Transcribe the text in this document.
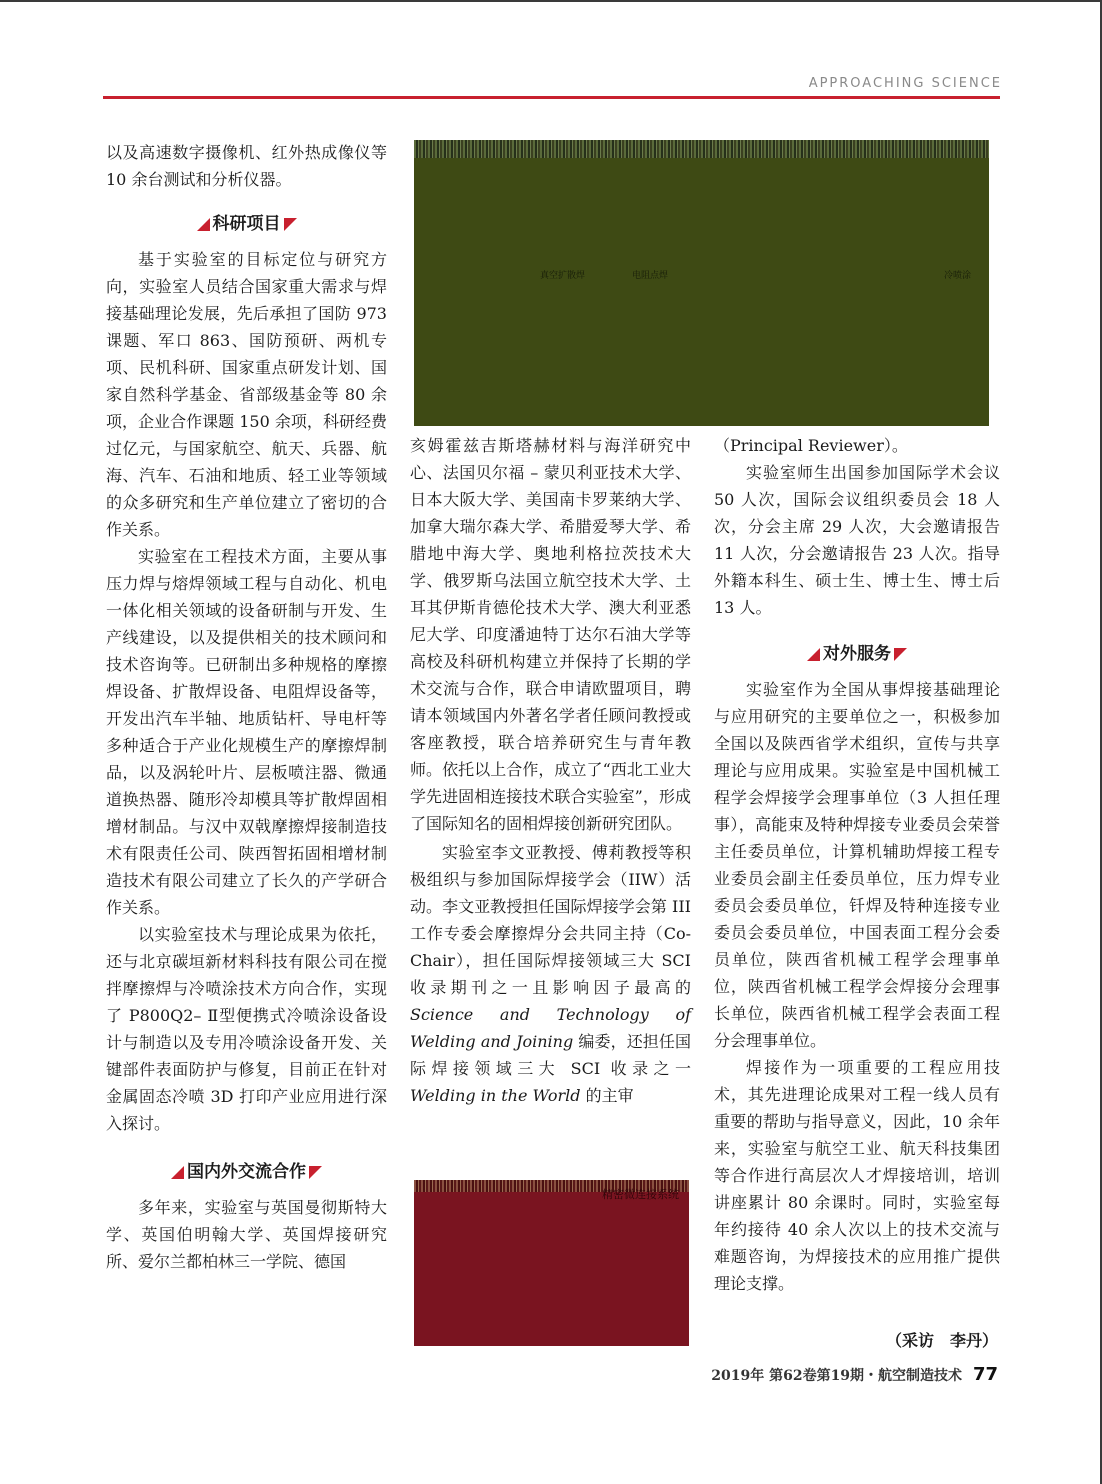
APPROACHING SCIENCE

以及高速数字摄像机、红外热成像仪等 10 余台测试和分析仪器。

科研项目

基于实验室的目标定位与研究方向，实验室人员结合国家重大需求与焊接基础理论发展，先后承担了国防 973 课题、军口 863、国防预研、两机专项、民机科研、国家重点研发计划、国家自然科学基金、省部级基金等 80 余项，企业合作课题 150 余项，科研经费过亿元，与国家航空、航天、兵器、航海、汽车、石油和地质、轻工业等领域的众多研究和生产单位建立了密切的合作关系。

实验室在工程技术方面，主要从事压力焊与熔焊领域工程与自动化、机电一体化相关领域的设备研制与开发、生产线建设，以及提供相关的技术顾问和技术咨询等。已研制出多种规格的摩擦焊设备、扩散焊设备、电阻焊设备等，开发出汽车半轴、地质钻杆、导电杆等多种适合于产业化规模生产的摩擦焊制品，以及涡轮叶片、层板喷注器、微通道换热器、随形冷却模具等扩散焊固相增材制品。与汉中双戟摩擦焊接制造技术有限责任公司、陕西智拓固相增材制造技术有限公司建立了长久的产学研合作关系。

以实验室技术与理论成果为依托，还与北京碳垣新材料科技有限公司在搅拌摩擦焊与冷喷涂技术方向合作，实现了 P800Q2– Ⅱ型便携式冷喷涂设备设计与制造以及专用冷喷涂设备开发、关键部件表面防护与修复，目前正在针对金属固态冷喷 3D 打印产业应用进行深入探讨。

国内外交流合作

多年来，实验室与英国曼彻斯特大学、英国伯明翰大学、英国焊接研究所、爱尔兰都柏林三一学院、德国

真空扩散焊	电阻点焊	冷喷涂

亥姆霍兹吉斯塔赫材料与海洋研究中心、法国贝尔福 – 蒙贝利亚技术大学、日本大阪大学、美国南卡罗莱纳大学、加拿大瑞尔森大学、希腊爱琴大学、希腊地中海大学、奥地利格拉茨技术大学、俄罗斯乌法国立航空技术大学、土耳其伊斯肯德伦技术大学、澳大利亚悉尼大学、印度潘迪特丁达尔石油大学等高校及科研机构建立并保持了长期的学术交流与合作，联合申请欧盟项目，聘请本领域国内外著名学者任顾问教授或客座教授，联合培养研究生与青年教师。依托以上合作，成立了“西北工业大学先进固相连接技术联合实验室”，形成了国际知名的固相焊接创新研究团队。

实验室李文亚教授、傅莉教授等积极组织与参加国际焊接学会（IIW）活动。李文亚教授担任国际焊接学会第 III 工作专委会摩擦焊分会共同主持（Co-Chair），担任国际焊接领域三大 SCI 收录期刊之一且影响因子最高的 Science and Technology of Welding and Joining 编委，还担任国际焊接领域三大 SCI 收录之一 Welding in the World 的主审

精密微连接系统

（Principal Reviewer）。

实验室师生出国参加国际学术会议 50 人次，国际会议组织委员会 18 人次，分会主席 29 人次，大会邀请报告 11 人次，分会邀请报告 23 人次。指导外籍本科生、硕士生、博士生、博士后 13 人。

对外服务

实验室作为全国从事焊接基础理论与应用研究的主要单位之一，积极参加全国以及陕西省学术组织，宣传与共享理论与应用成果。实验室是中国机械工程学会焊接学会理事单位（3 人担任理事），高能束及特种焊接专业委员会荣誉主任委员单位，计算机辅助焊接工程专业委员会副主任委员单位，压力焊专业委员会委员单位，钎焊及特种连接专业委员会委员单位，中国表面工程分会委员单位，陕西省机械工程学会理事单位，陕西省机械工程学会焊接分会理事长单位，陕西省机械工程学会表面工程分会理事单位。

焊接作为一项重要的工程应用技术，其先进理论成果对工程一线人员有重要的帮助与指导意义，因此，10 余年来，实验室与航空工业、航天科技集团等合作进行高层次人才焊接培训，培训讲座累计 80 余课时。同时，实验室每年约接待 40 余人次以上的技术交流与难题咨询，为焊接技术的应用推广提供理论支撑。

（采访　李丹）
2019年 第62卷第19期・航空制造技术 77
